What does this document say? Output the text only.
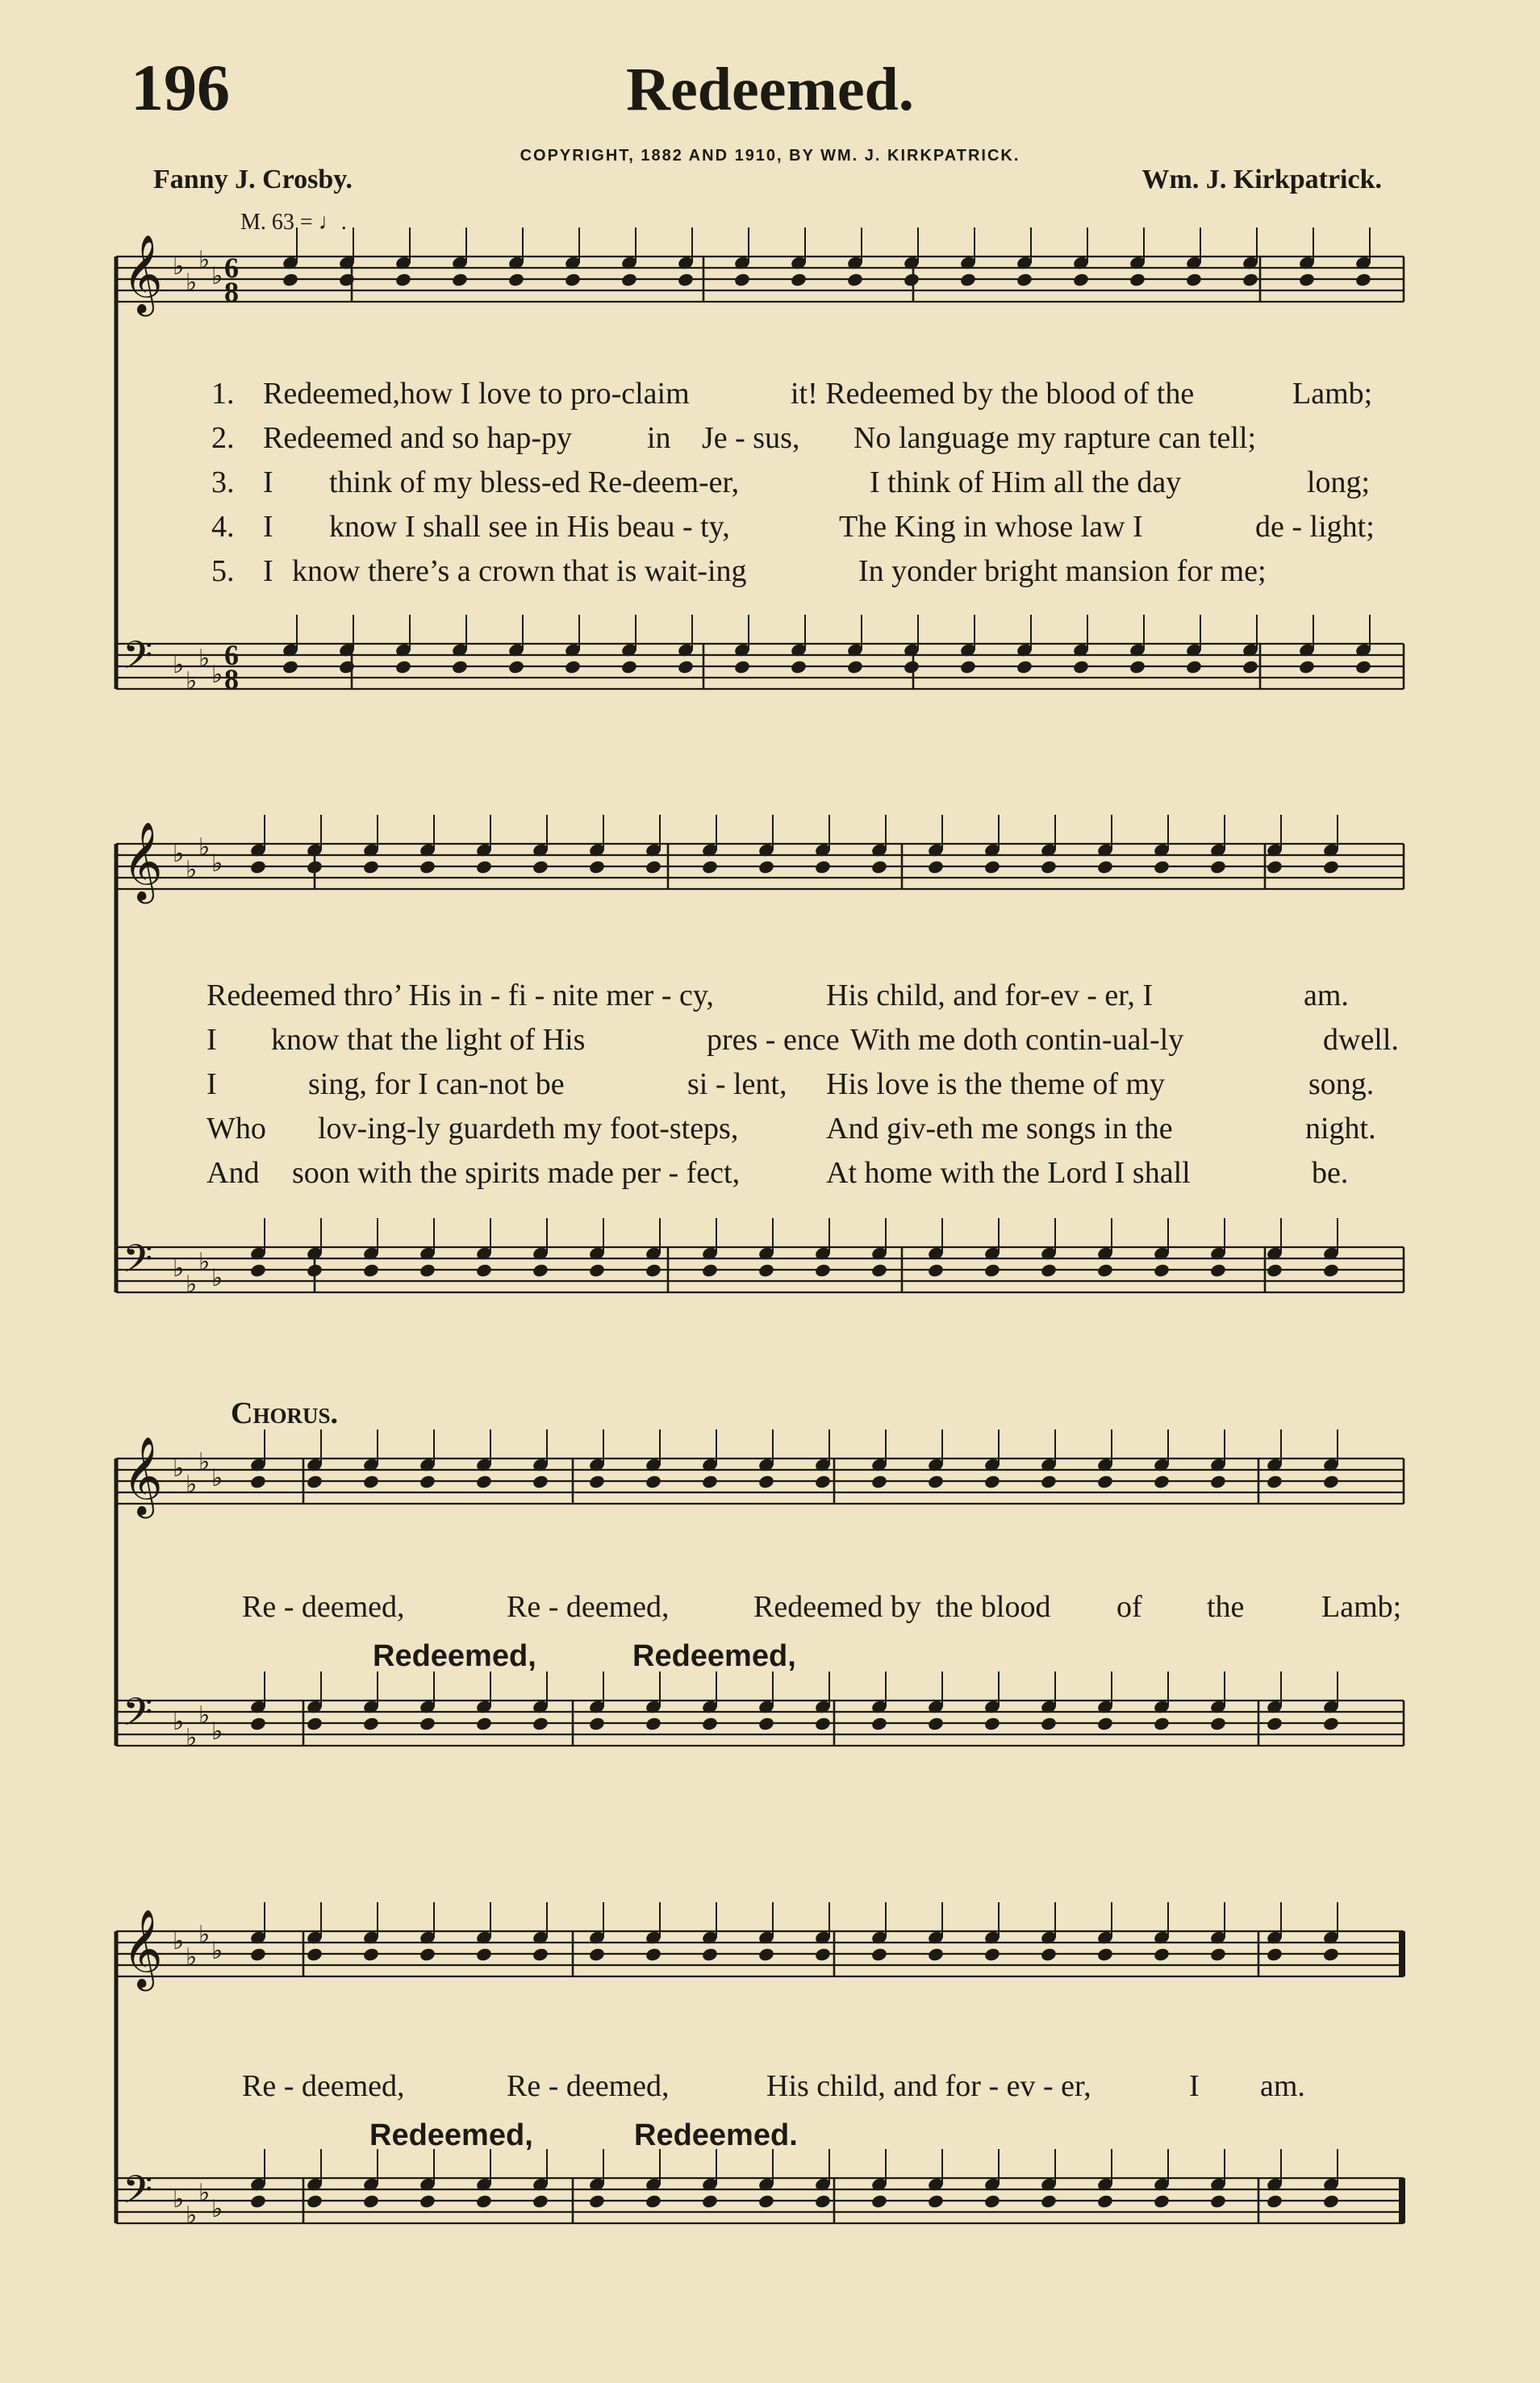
196	Redeemed.
COPYRIGHT, 1882 AND 1910, BY WM. J. KIRKPATRICK.
Fanny J. Crosby.	Wm. J. Kirkpatrick.
M. 63 = ♩.
𝄞 ♭
♭
♭
♭
𝄢 ♭
♭
♭
♭
6
8
6
8
𝄞 ♭
♭
♭
♭
𝄢 ♭
♭
♭
♭
𝄞 ♭
♭
♭
♭
𝄢 ♭
♭
♭
♭
𝄞 ♭
♭
♭
♭
𝄢 ♭
♭
♭
♭
1. Redeemed,how I love to pro-claim	it! Redeemed by the blood of the	Lamb;
2. Redeemed and so hap-py in Je - sus, No language my rapture can tell;
3. I think of my bless-ed Re-deem-er,	I think of Him all the day	long;
4. I know I shall see in His beau - ty,	The King in whose law I	de - light;
5. I know there’s a crown that is wait-ing	In yonder bright mansion for me;
Redeemed thro’ His in - fi - nite mer - cy,	His child, and for-ev - er, I	am.
I know that the light of His	pres - ence With me doth contin-ual-ly	dwell.
I	sing, for I can-not be	si - lent, His love is the theme of my	song.
Who lov-ing-ly guardeth my foot-steps,	And giv-eth me songs in the	night.
And soon with the spirits made per - fect,	At home with the Lord I shall	be.
Chorus.
Re - deemed,	Re - deemed,	Redeemed by the blood of the	Lamb;
Redeemed,	Redeemed,
Re - deemed,	Re - deemed,	His child, and for - ev - er,	I am.
Redeemed,	Redeemed.
